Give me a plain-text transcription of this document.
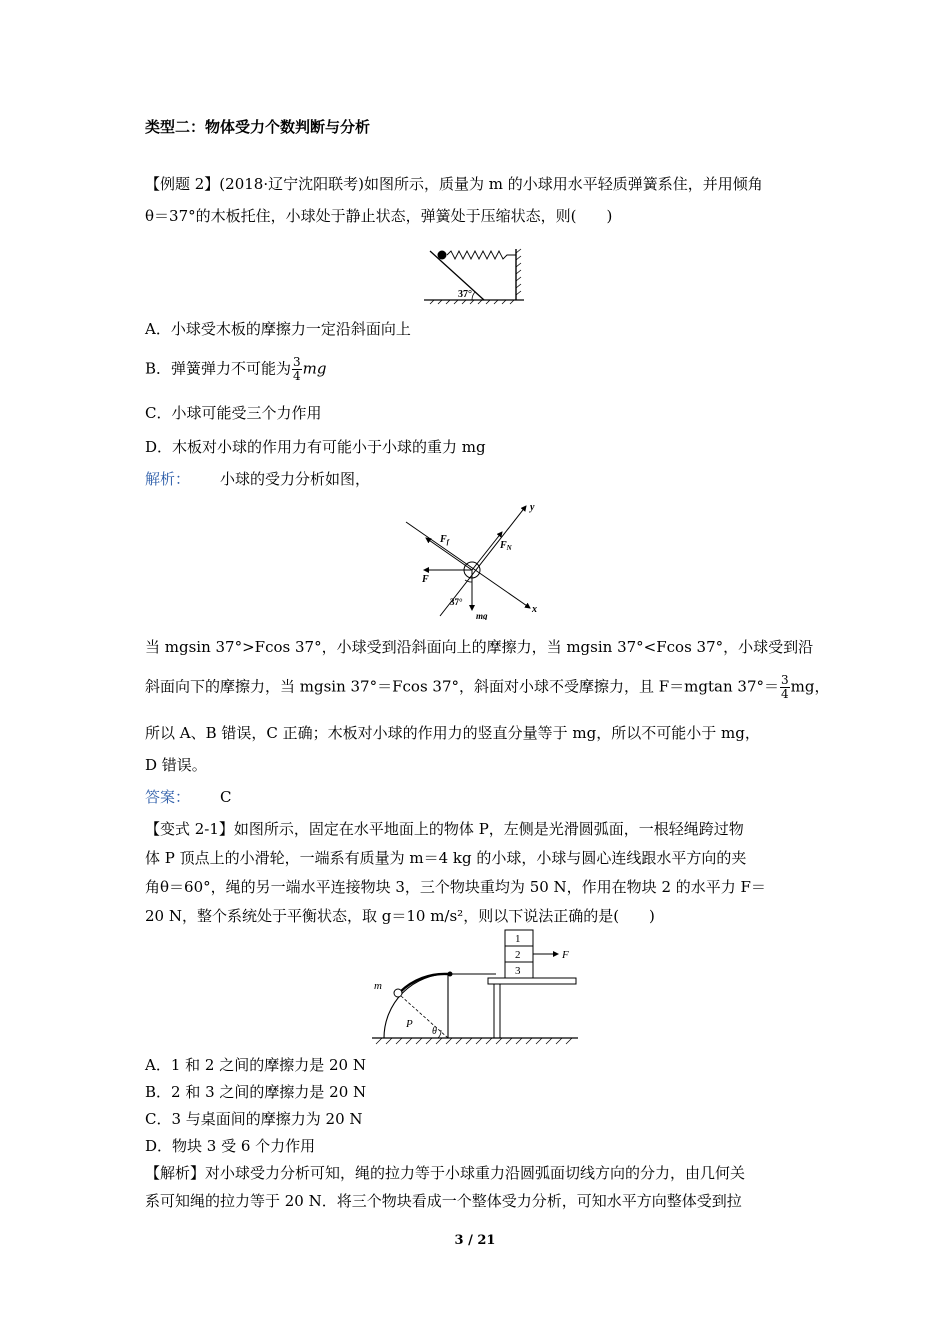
类型二：物体受力个数判断与分析
【例题 2】(2018·辽宁沈阳联考)如图所示，质量为 m 的小球用水平轻质弹簧系住，并用倾角
θ＝37°的木板托住，小球处于静止状态，弹簧处于压缩状态，则(　　)
37°
A．小球受木板的摩擦力一定沿斜面向上
B．弹簧弹力不可能为 $\frac{3}{4}$ mg
C．小球可能受三个力作用
D．木板对小球的作用力有可能小于小球的重力 mg
解析： 小球的受力分析如图，
$F_f$	$F_N$
F
y
x
37°
mg
当 mgsin 37°>Fcos 37°，小球受到沿斜面向上的摩擦力，当 mgsin 37°<Fcos 37°，小球受到沿
斜面向下的摩擦力，当 mgsin 37°＝Fcos 37°，斜面对小球不受摩擦力，且 F＝mgtan $37^\circ= \frac{3}{4}$ mg，
所以 A、B 错误，C 正确；木板对小球的作用力的竖直分量等于 mg，所以不可能小于 mg，
D 错误。
答案： C
【变式 2-1】如图所示，固定在水平地面上的物体 P，左侧是光滑圆弧面，一根轻绳跨过物
体 P 顶点上的小滑轮，一端系有质量为 m＝4 kg 的小球，小球与圆心连线跟水平方向的夹
角θ＝60°，绳的另一端水平连接物块 3，三个物块重均为 50 N，作用在物块 2 的水平力 F＝
20 N，整个系统处于平衡状态，取 g＝10 m/s²，则以下说法正确的是(　　)
1
2
3
F
m
P
θ
A．1 和 2 之间的摩擦力是 20 N
B．2 和 3 之间的摩擦力是 20 N
C．3 与桌面间的摩擦力为 20 N
D．物块 3 受 6 个力作用
【解析】对小球受力分析可知，绳的拉力等于小球重力沿圆弧面切线方向的分力，由几何关
系可知绳的拉力等于 20 N．将三个物块看成一个整体受力分析，可知水平方向整体受到拉
3 / 21
